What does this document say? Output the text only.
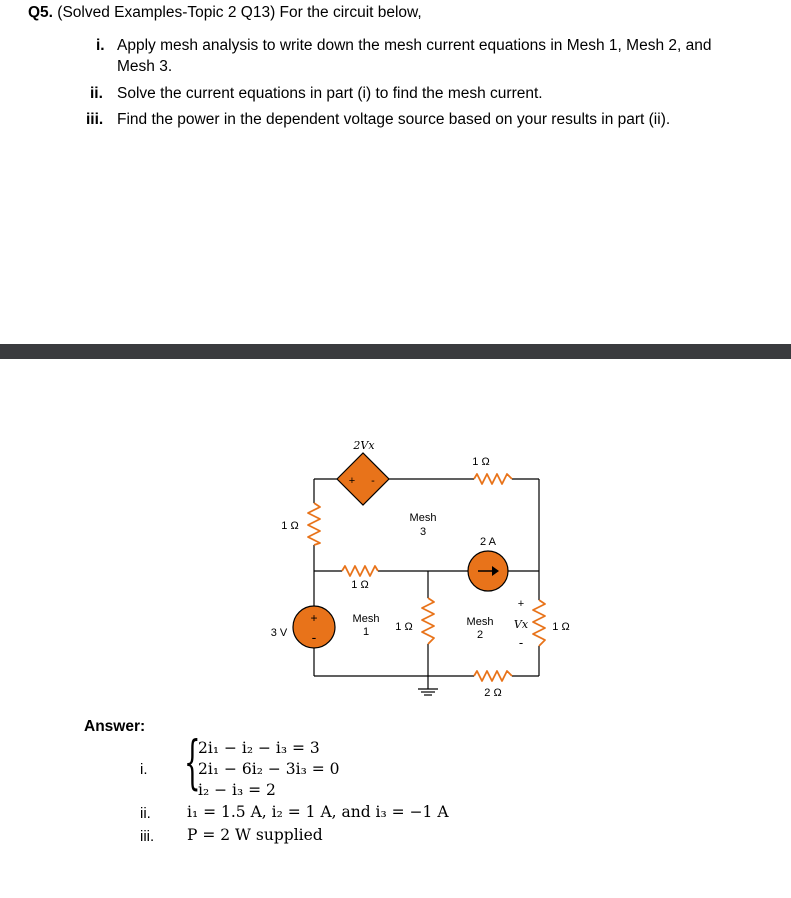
Q5. (Solved Examples-Topic 2 Q13) For the circuit below,
i. Apply mesh analysis to write down the mesh current equations in Mesh 1, Mesh 2, and
Mesh 3.
ii. Solve the current equations in part (i) to find the mesh current.
iii. Find the power in the dependent voltage source based on your results in part (ii).
+ -
2Vx
+
-
1 Ω
1 Ω
1 Ω
1 Ω	1 Ω
2 Ω
3 V
2 A
+
Vx
-
Mesh
1
Mesh
2
Mesh
3
Answer:
i. {
2i₁ − i₂ − i₃ = 3
2i₁ − 6i₂ − 3i₃ = 0
i₂ − i₃ = 2
ii. i₁ = 1.5 A, i₂ = 1 A, and i₃ = −1 A
iii. P = 2 W supplied
